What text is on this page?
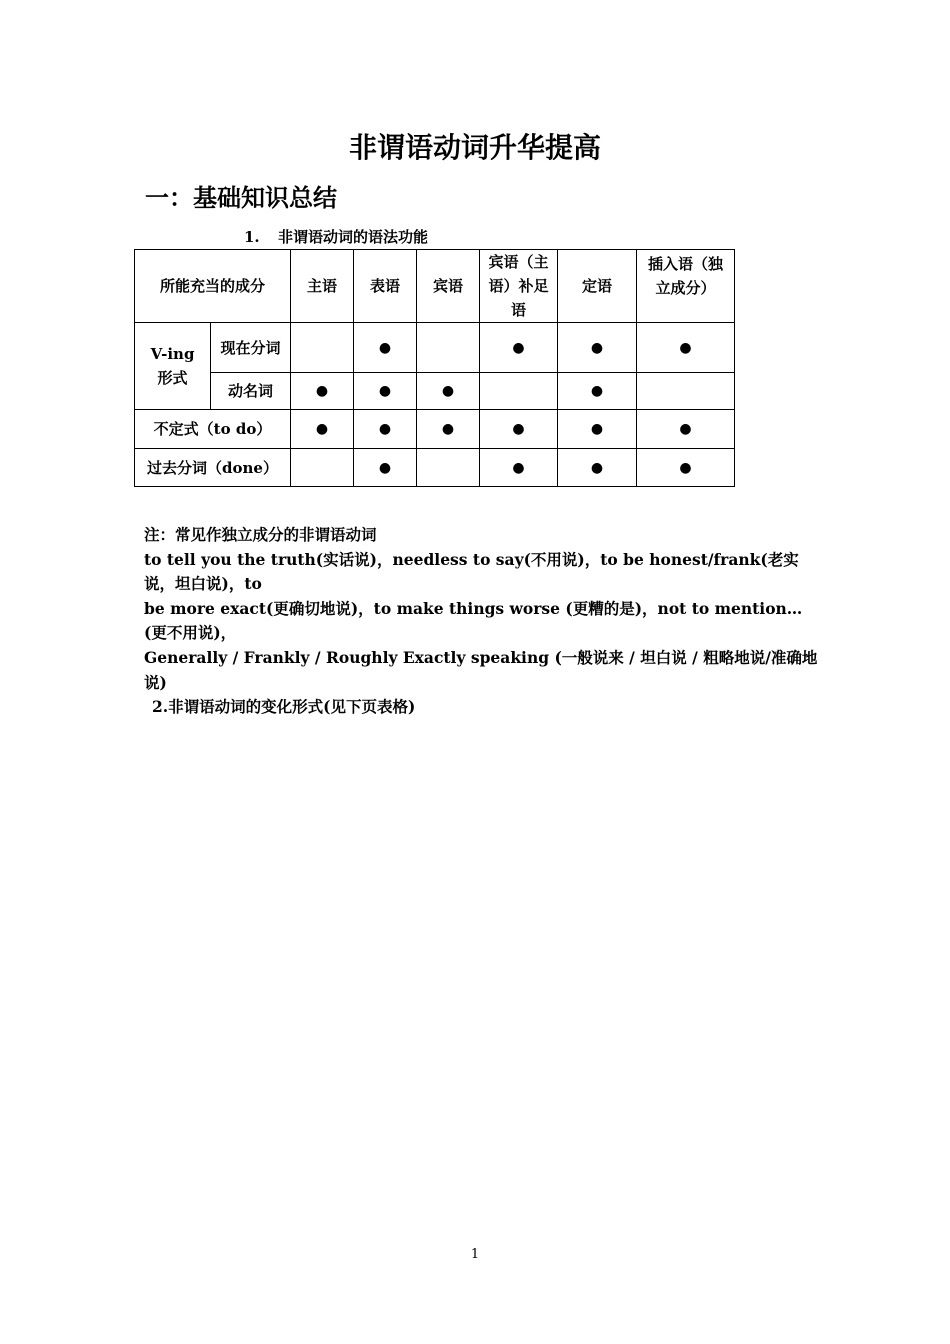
非谓语动词升华提高
一：基础知识总结
1. 非谓语动词的语法功能
所能充当的成分		主语	表语	宾语	宾语（主语）补足语	定语	插入语（独立成分）
V-ing 形式	现在分词		●		●	●	●
	动名词	●	●	●		●	
不定式（to do）		●	●	●	●	●	●
过去分词（done）			●		●	●	●

注：常见作独立成分的非谓语动词

to tell you the truth(实话说)，needless to say(不用说)，to be honest/frank(老实说，坦白说)，to

be more exact(更确切地说)，to make things worse (更糟的是)，not to mention…(更不用说)，

Generally / Frankly / Roughly Exactly speaking (一般说来 / 坦白说 / 粗略地说/准确地说)

2.非谓语动词的变化形式(见下页表格)

1
